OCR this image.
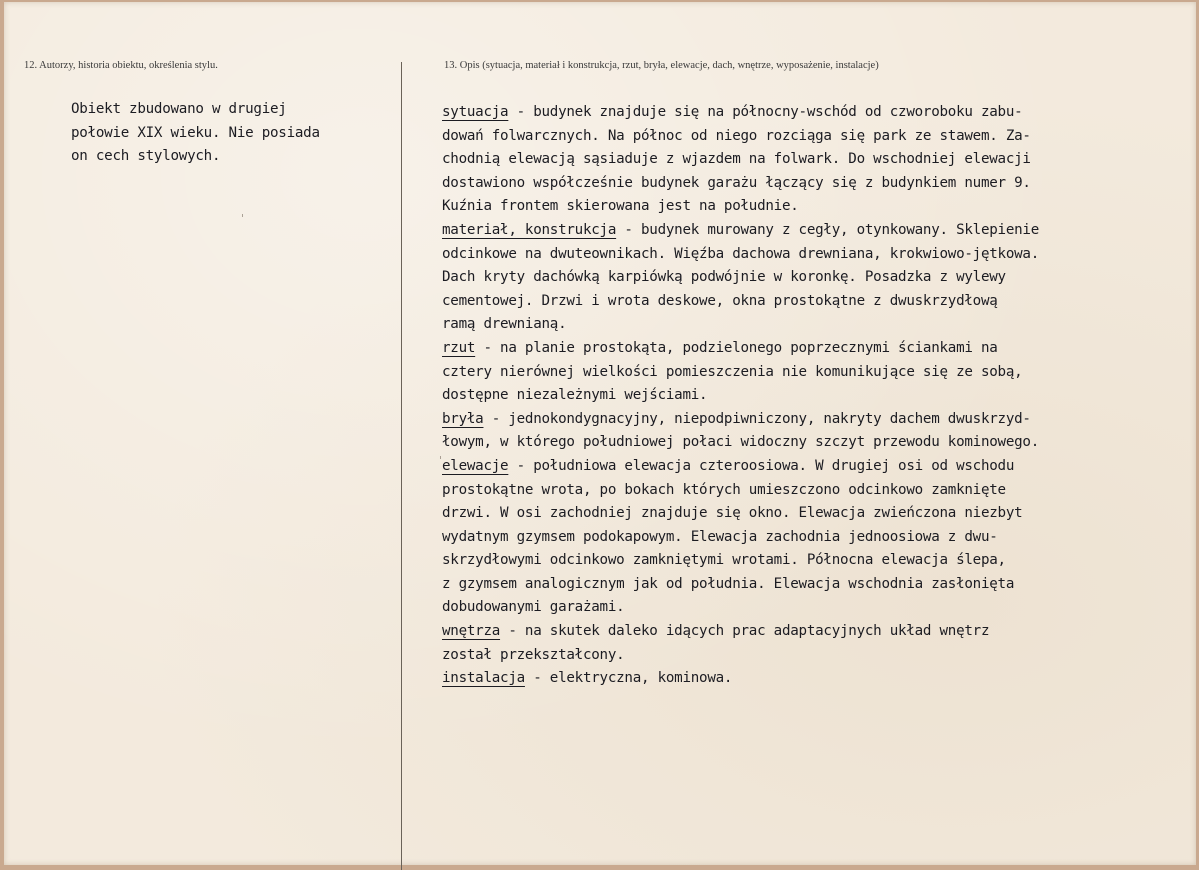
12. Autorzy, historia obiektu, określenia stylu.	13. Opis (sytuacja, materiał i konstrukcja, rzut, bryła, elewacje, dach, wnętrze, wyposażenie, instalacje)
Obiekt zbudowano w drugiej
połowie XIX wieku. Nie posiada
on cech stylowych.
sytuacja - budynek znajduje się na północny-wschód od czworoboku zabu-
dowań folwarcznych. Na północ od niego rozciąga się park ze stawem. Za-
chodnią elewacją sąsiaduje z wjazdem na folwark. Do wschodniej elewacji
dostawiono współcześnie budynek garażu łączący się z budynkiem numer 9.
Kuźnia frontem skierowana jest na południe.
materiał, konstrukcja - budynek murowany z cegły, otynkowany. Sklepienie
odcinkowe na dwuteownikach. Więźba dachowa drewniana, krokwiowo-jętkowa.
Dach kryty dachówką karpiówką podwójnie w koronkę. Posadzka z wylewy
cementowej. Drzwi i wrota deskowe, okna prostokątne z dwuskrzydłową
ramą drewnianą.
rzut - na planie prostokąta, podzielonego poprzecznymi ściankami na
cztery nierównej wielkości pomieszczenia nie komunikujące się ze sobą,
dostępne niezależnymi wejściami.
bryła - jednokondygnacyjny, niepodpiwniczony, nakryty dachem dwuskrzyd-
łowym, w którego południowej połaci widoczny szczyt przewodu kominowego.
elewacje - południowa elewacja czteroosiowa. W drugiej osi od wschodu
prostokątne wrota, po bokach których umieszczono odcinkowo zamknięte
drzwi. W osi zachodniej znajduje się okno. Elewacja zwieńczona niezbyt
wydatnym gzymsem podokapowym. Elewacja zachodnia jednoosiowa z dwu-
skrzydłowymi odcinkowo zamkniętymi wrotami. Północna elewacja ślepa,
z gzymsem analogicznym jak od południa. Elewacja wschodnia zasłonięta
dobudowanymi garażami.
wnętrza - na skutek daleko idących prac adaptacyjnych układ wnętrz
został przekształcony.
instalacja - elektryczna, kominowa.
